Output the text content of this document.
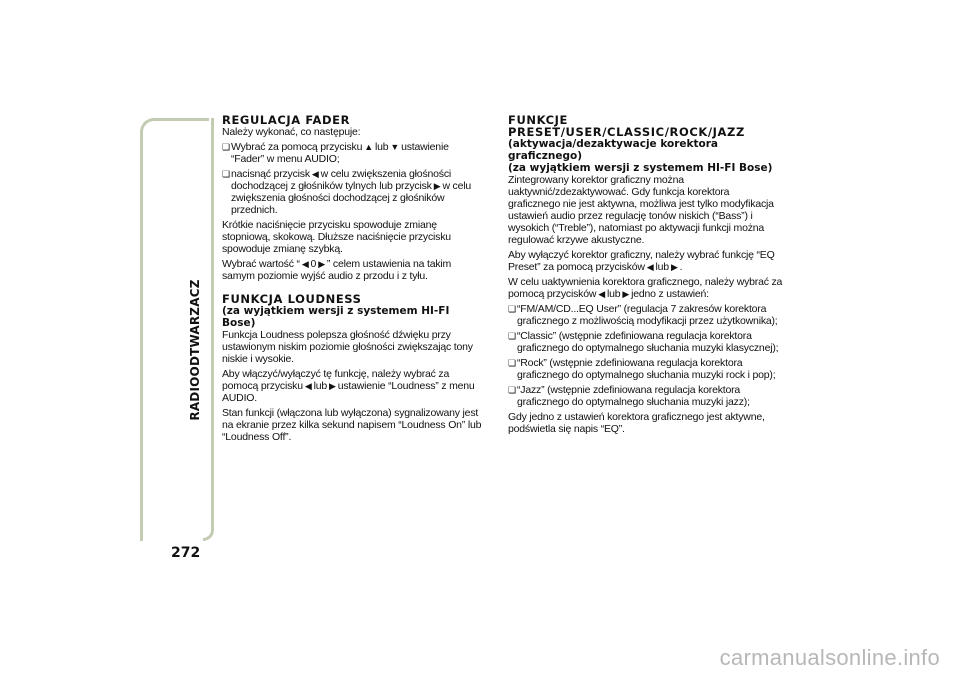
RADIOODTWARZACZ
272
REGULACJA FADER

Należy wykonać, co następuje:

❏
Wybrać za pomocą przycisku ▲ lub ▼ ustawienie “Fader” w menu AUDIO;
❏
nacisnąć przycisk ◀ w celu zwiększenia głośności dochodzącej z głośników tylnych lub przycisk ▶ w celu zwiększenia głośności dochodzącej z głośników przednich.

Krótkie naciśnięcie przycisku spowoduje zmianę stopniową, skokową. Dłuższe naciśnięcie przycisku spowoduje zmianę szybką.

Wybrać wartość “ ◀ 0 ▶ ” celem ustawienia na takim samym poziomie wyjść audio z przodu i z tyłu.

FUNKCJA LOUDNESS
(za wyjątkiem wersji z systemem HI-FI Bose)

Funkcja Loudness polepsza głośność dźwięku przy ustawionym niskim poziomie głośności zwiększając tony niskie i wysokie.

Aby włączyć/wyłączyć tę funkcję, należy wybrać za pomocą przycisku ◀ lub ▶ ustawienie “Loudness” z menu AUDIO.

Stan funkcji (włączona lub wyłączona) sygnalizowany jest na ekranie przez kilka sekund napisem “Loudness On” lub “Loudness Off”.

FUNKCJE
PRESET/USER/CLASSIC/ROCK/JAZZ
(aktywacja/dezaktywacje korektora graficznego)
(za wyjątkiem wersji z systemem HI-FI Bose)

Zintegrowany korektor graficzny można uaktywnić/zdezaktywować. Gdy funkcja korektora graficznego nie jest aktywna, możliwa jest tylko modyfikacja ustawień audio przez regulację tonów niskich (“Bass”) i wysokich (“Treble”), natomiast po aktywacji funkcji można regulować krzywe akustyczne.

Aby wyłączyć korektor graficzny, należy wybrać funkcję “EQ Preset” za pomocą przycisków ◀ lub ▶ .

W celu uaktywnienia korektora graficznego, należy wybrać za pomocą przycisków ◀ lub ▶ jedno z ustawień:

❏
“FM/AM/CD...EQ User” (regulacja 7 zakresów korektora graficznego z możliwością modyfikacji przez użytkownika);
❏
“Classic” (wstępnie zdefiniowana regulacja korektora graficznego do optymalnego słuchania muzyki klasycznej);
❏
“Rock” (wstępnie zdefiniowana regulacja korektora graficznego do optymalnego słuchania muzyki rock i pop);
❏
“Jazz” (wstępnie zdefiniowana regulacja korektora graficznego do optymalnego słuchania muzyki jazz);

Gdy jedno z ustawień korektora graficznego jest aktywne, podświetla się napis “EQ”.

carmanualsonline.info
